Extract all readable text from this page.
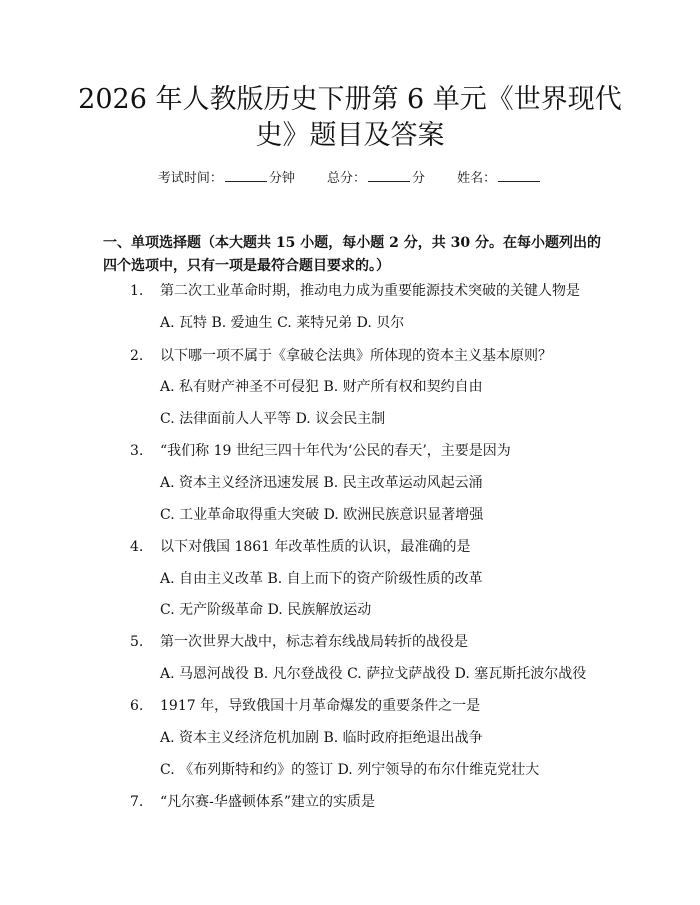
2026 年人教版历史下册第 6 单元《世界现代史》题目及答案
考试时间：	分钟 总分：	分 姓名：

一、单项选择题（本大题共 15 小题，每小题 2 分，共 30 分。在每小题列出的四个选项中，只有一项是最符合题目要求的。）

1. 第二次工业革命时期，推动电力成为重要能源技术突破的关键人物是
A. 瓦特 B. 爱迪生 C. 莱特兄弟 D. 贝尔
2. 以下哪一项不属于《拿破仑法典》所体现的资本主义基本原则？
A. 私有财产神圣不可侵犯 B. 财产所有权和契约自由
C. 法律面前人人平等 D. 议会民主制
3. “我们称 19 世纪三四十年代为‘公民的春天’，主要是因为
A. 资本主义经济迅速发展 B. 民主改革运动风起云涌
C. 工业革命取得重大突破 D. 欧洲民族意识显著增强
4. 以下对俄国 1861 年改革性质的认识，最准确的是
A. 自由主义改革 B. 自上而下的资产阶级性质的改革
C. 无产阶级革命 D. 民族解放运动
5. 第一次世界大战中，标志着东线战局转折的战役是
A. 马恩河战役 B. 凡尔登战役 C. 萨拉戈萨战役 D. 塞瓦斯托波尔战役
6. 1917 年，导致俄国十月革命爆发的重要条件之一是
A. 资本主义经济危机加剧 B. 临时政府拒绝退出战争
C. 《布列斯特和约》的签订 D. 列宁领导的布尔什维克党壮大
7. “凡尔赛-华盛顿体系”建立的实质是
